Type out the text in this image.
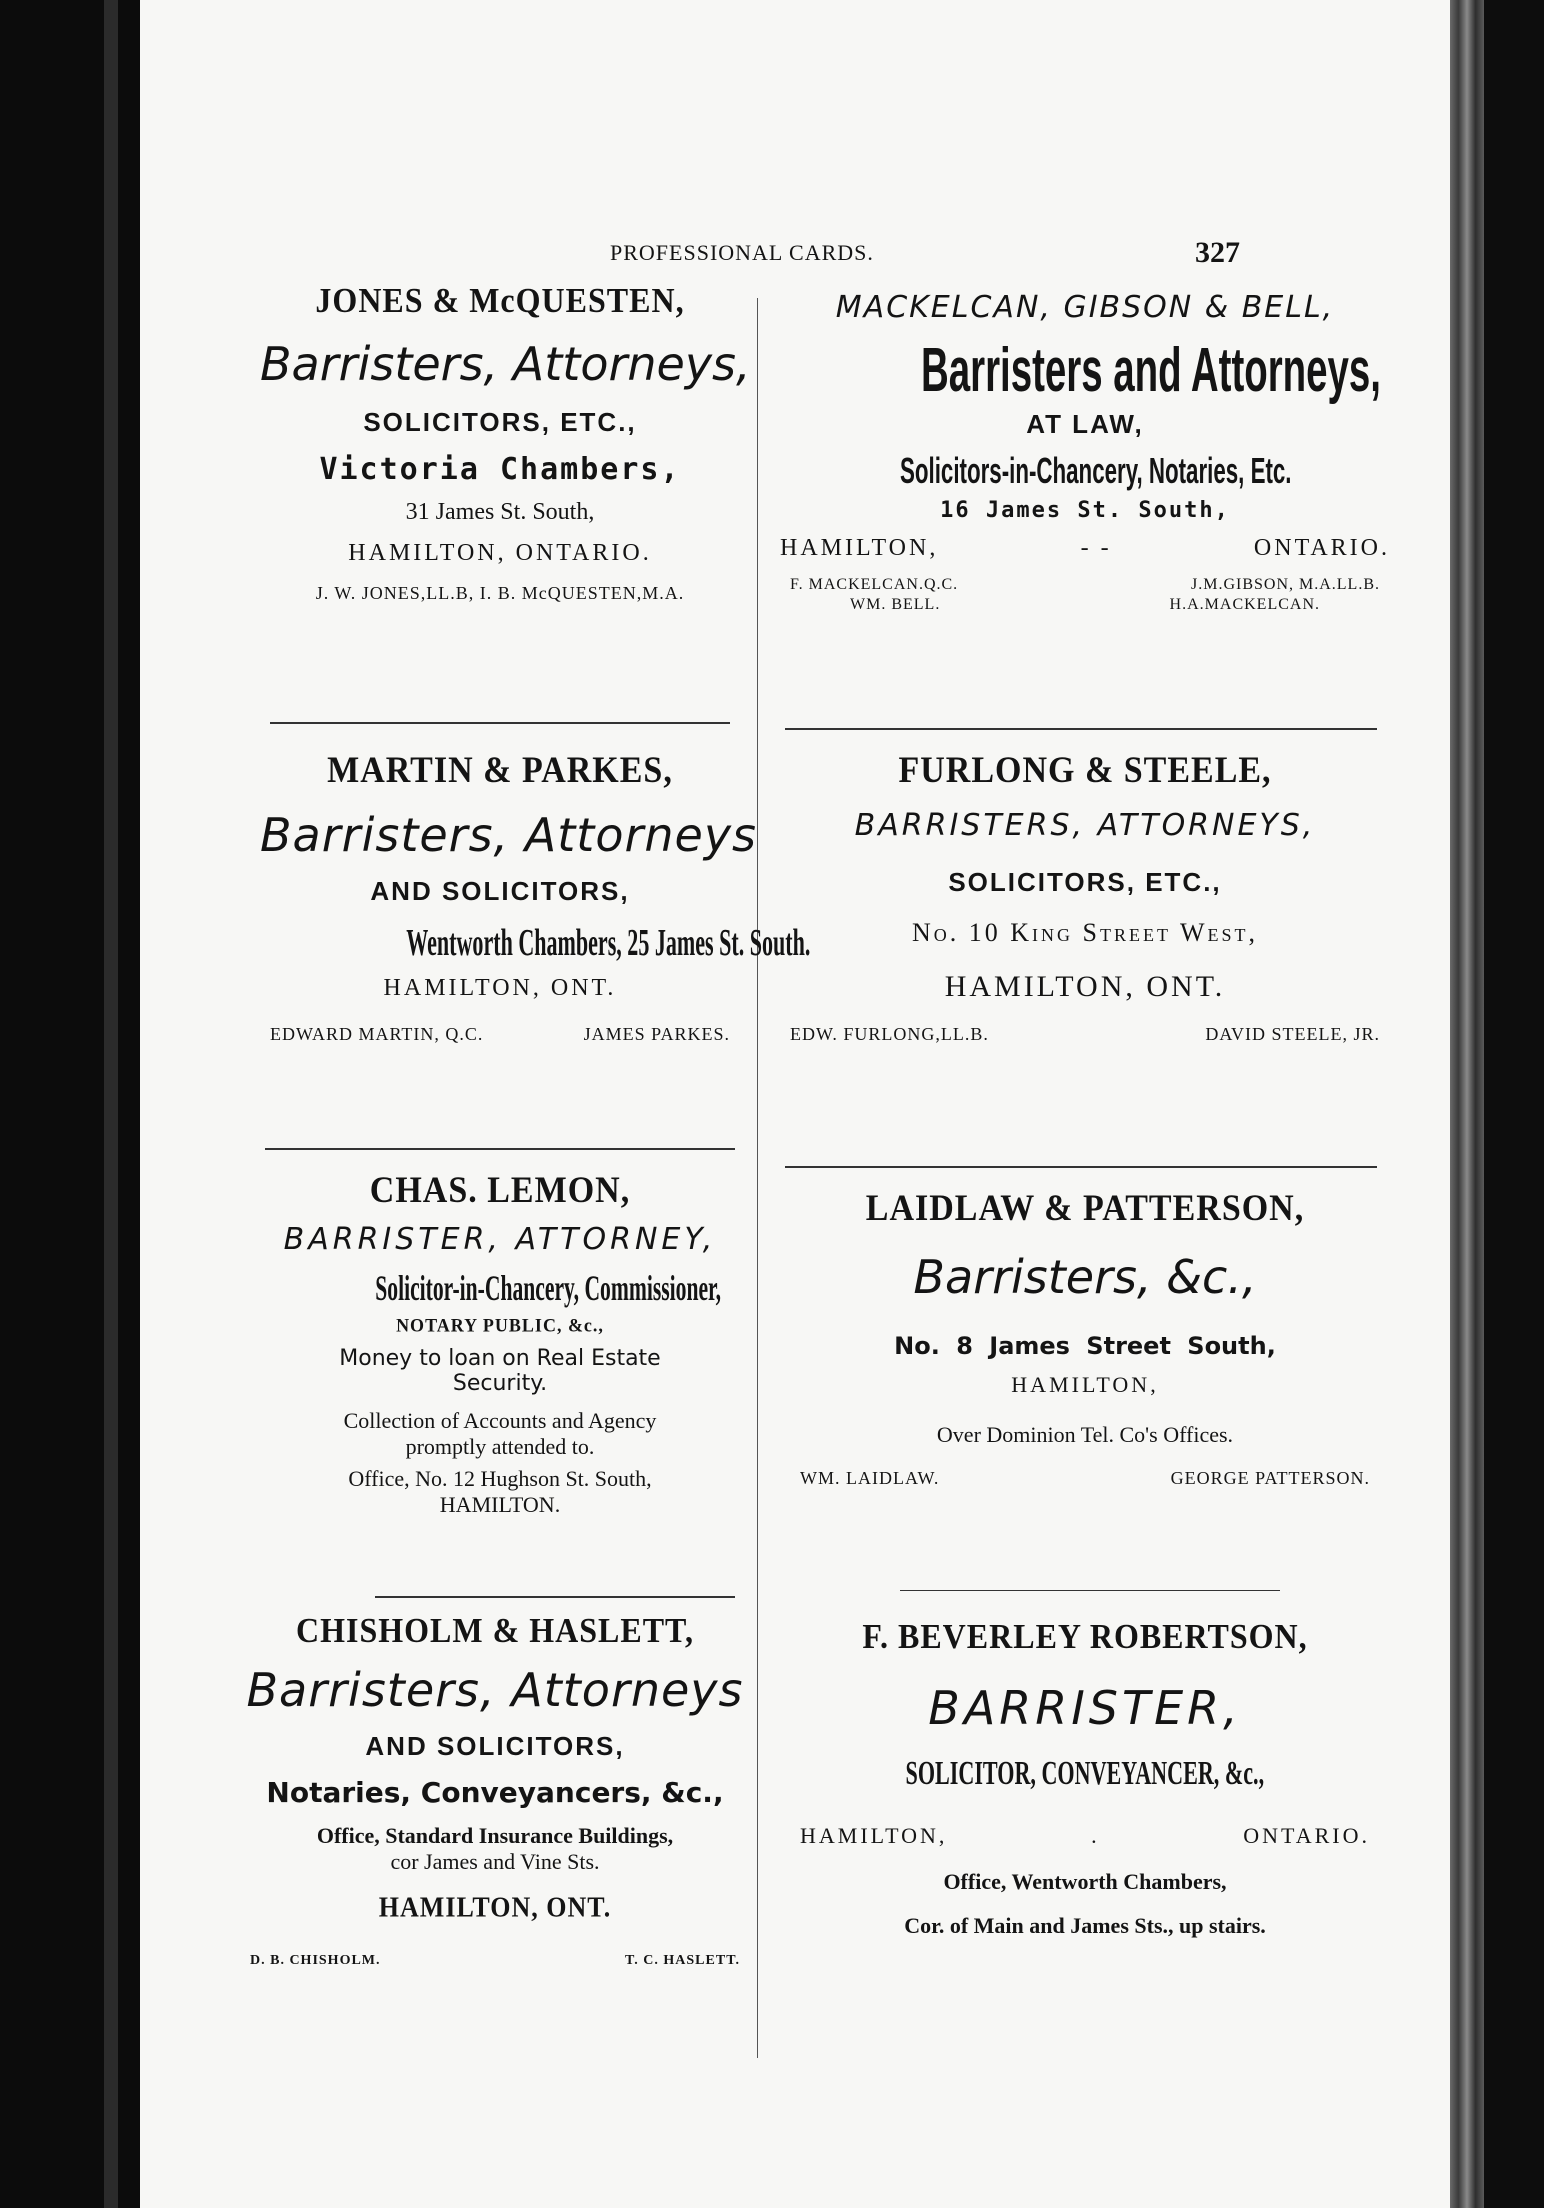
PROFESSIONAL CARDS.	327
JONES & McQUESTEN,
Barristers, Attorneys,
SOLICITORS, ETC.,
Victoria Chambers,
31 James St. South,
HAMILTON, ONTARIO.
J. W. JONES,LL.B, I. B. McQUESTEN,M.A.
MACKELCAN, GIBSON & BELL,
Barristers and Attorneys,
AT LAW,
Solicitors-in-Chancery, Notaries, Etc.
16 James St. South,
HAMILTON,	- -	ONTARIO.
F. MACKELCAN.Q.C.	J.M.GIBSON, M.A.LL.B.
WM. BELL.	H.A.MACKELCAN.
MARTIN & PARKES,
Barristers, Attorneys
AND SOLICITORS,
Wentworth Chambers, 25 James St. South.
HAMILTON, ONT.
EDWARD MARTIN, Q.C.	JAMES PARKES.
FURLONG & STEELE,
BARRISTERS, ATTORNEYS,
SOLICITORS, ETC.,
No. 10 King Street West,
HAMILTON, ONT.
EDW. FURLONG,LL.B.	DAVID STEELE, JR.
CHAS. LEMON,
BARRISTER, ATTORNEY,
Solicitor-in-Chancery, Commissioner,
NOTARY PUBLIC, &c.,
Money to loan on Real Estate
Security.
Collection of Accounts and Agency
promptly attended to.
Office, No. 12 Hughson St. South,
HAMILTON.
LAIDLAW & PATTERSON,
Barristers, &c.,
No. 8 James Street South,
HAMILTON,
Over Dominion Tel. Co's Offices.
WM. LAIDLAW.	GEORGE PATTERSON.
CHISHOLM & HASLETT,
Barristers, Attorneys
AND SOLICITORS,
Notaries, Conveyancers, &c.,
Office, Standard Insurance Buildings,
cor James and Vine Sts.
HAMILTON, ONT.
D. B. CHISHOLM.	T. C. HASLETT.
F. BEVERLEY ROBERTSON,
BARRISTER,
SOLICITOR, CONVEYANCER, &c.,
HAMILTON,	.	ONTARIO.
Office, Wentworth Chambers,
Cor. of Main and James Sts., up stairs.
